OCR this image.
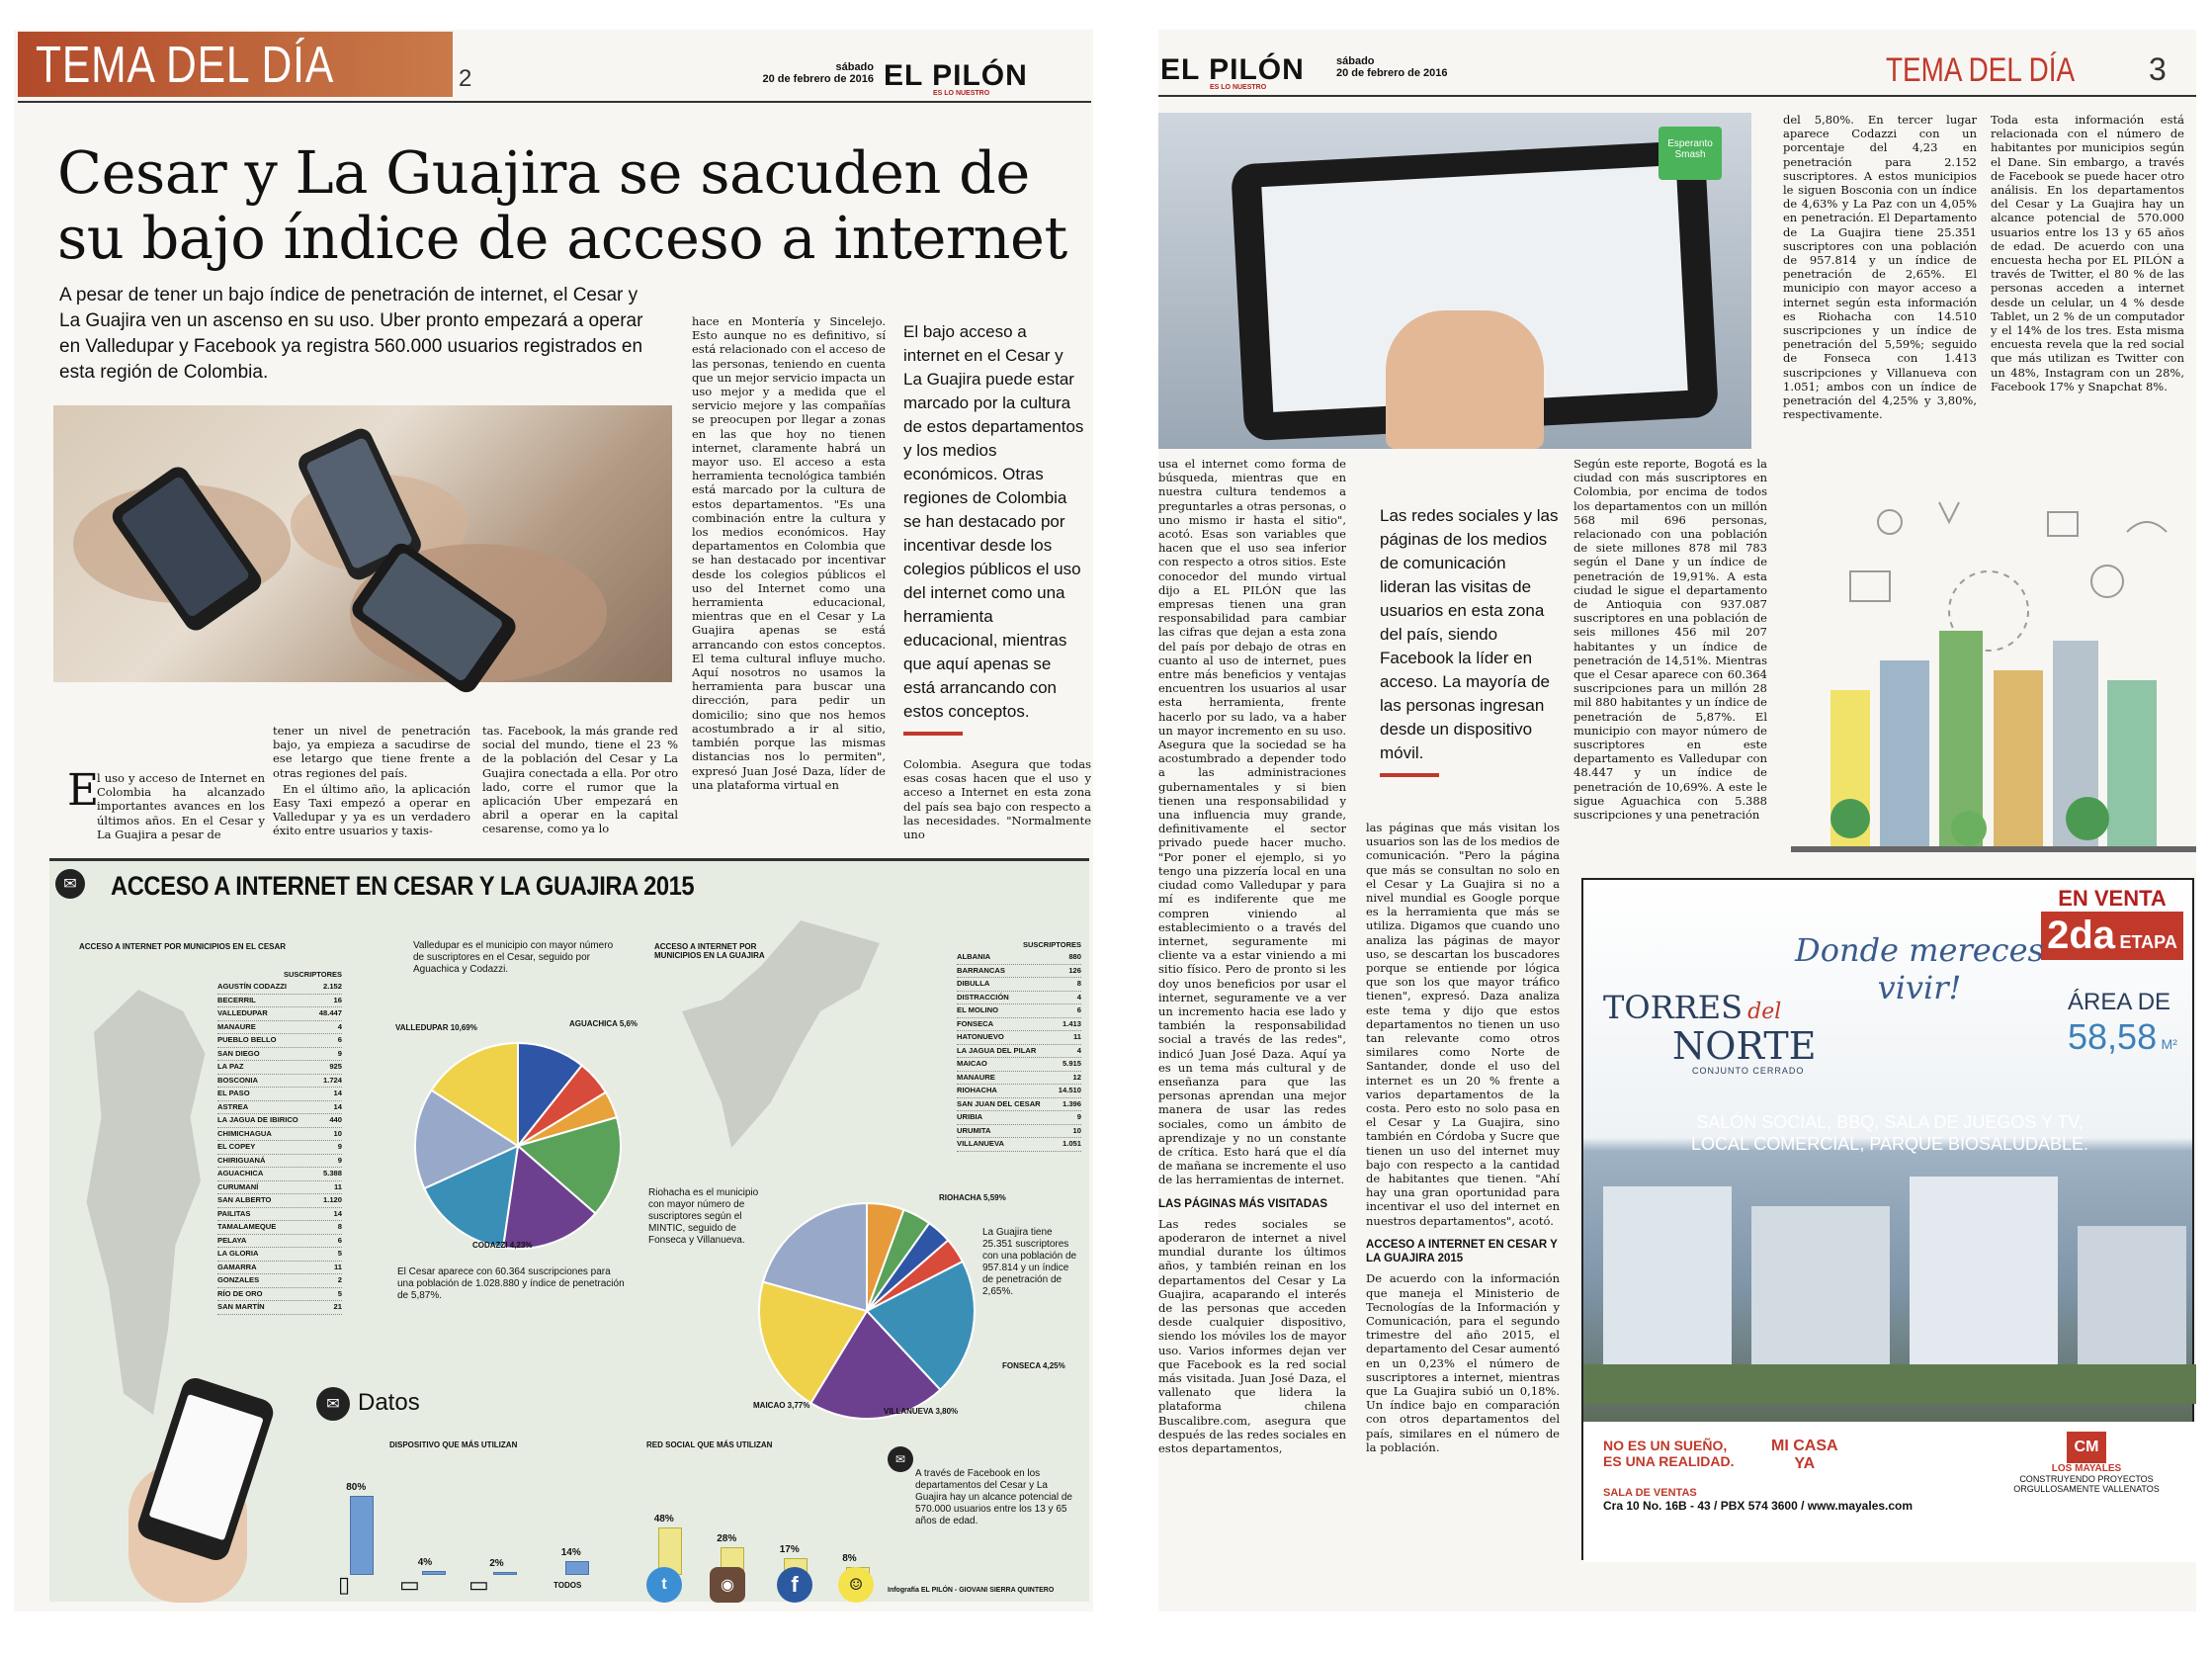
TEMA DEL DÍA	2	sábado
20 de febrero de 2016 EL PILÓN
ES LO NUESTRO
Cesar y La Guajira se sacuden de
su bajo índice de acceso a internet

A pesar de tener un bajo índice de penetración de internet, el Cesar y La Guajira ven un ascenso en su uso. Uber pronto empezará a operar en Valledupar y Facebook ya registra 560.000 usuarios registrados en esta región de Colombia.

E
l uso y acceso de Internet en Colombia ha alcanzado importantes avances en los últimos años. En el Cesar y La Guajira a pesar de

tener un nivel de penetración bajo, ya empieza a sacudirse de ese letargo que tiene frente a otras regiones del país.

En el último año, la aplicación Easy Taxi empezó a operar en Valledupar y ya es un verdadero éxito entre usuarios y taxis-

tas. Facebook, la más grande red social del mundo, tiene el 23 % de la población del Cesar y La Guajira conectada a ella. Por otro lado, corre el rumor que la aplicación Uber empezará en abril a operar en la capital cesarense, como ya lo
hace en Montería y Sincelejo. Esto aunque no es definitivo, sí está relacionado con el acceso de las personas, teniendo en cuenta que un mejor servicio impacta un uso mejor y a medida que el servicio mejore y las compañías se preocupen por llegar a zonas en las que hoy no tienen internet, claramente habrá un mayor uso. El acceso a esta herramienta tecnológica también está marcado por la cultura de estos departamentos. "Es una combinación entre la cultura y los medios económicos. Hay departamentos en Colombia que se han destacado por incentivar desde los colegios públicos el uso del Internet como una herramienta educacional, mientras que en el Cesar y La Guajira apenas se está arrancando con estos conceptos. El tema cultural influye mucho. Aquí nosotros no usamos la herramienta para buscar una dirección, para pedir un domicilio; sino que nos hemos acostumbrado a ir al sitio, también porque las mismas distancias nos lo permiten", expresó Juan José Daza, líder de una plataforma virtual en
El bajo acceso a internet en el Cesar y La Guajira puede estar marcado por la cultura de estos departamentos y los medios económicos. Otras regiones de Colombia se han destacado por incentivar desde los colegios públicos el uso del internet como una herramienta educacional, mientras que aquí apenas se está arrancando con estos conceptos.
Colombia. Asegura que todas esas cosas hacen que el uso y acceso a Internet en esta zona del país sea bajo con respecto a las necesidades. "Normalmente uno
✉	ACCESO A INTERNET EN CESAR Y LA GUAJIRA 2015
ACCESO A INTERNET POR MUNICIPIOS EN EL CESAR
SUSCRIPTORES
AGUSTÍN CODAZZI	2.152
BECERRIL	16
VALLEDUPAR	48.447
MANAURE	4
PUEBLO BELLO	6
SAN DIEGO	9
LA PAZ	925
BOSCONIA	1.724
EL PASO	14
ASTREA	14
LA JAGUA DE IBIRICO	440
CHIMICHAGUA	10
EL COPEY	9
CHIRIGUANÁ	9
AGUACHICA	5.388
CURUMANÍ	11
SAN ALBERTO	1.120
PAILITAS	14
TAMALAMEQUE	8
PELAYA	6
LA GLORIA	5
GAMARRA	11
GONZALES	2
RÍO DE ORO	5
SAN MARTÍN	21
Valledupar es el municipio con mayor número de suscriptores en el Cesar, seguido por Aguachica y Codazzi.
VALLEDUPAR 10,69%	AGUACHICA 5,6%
CODAZZI 4,23%
El Cesar aparece con 60.364 suscripciones para una población de 1.028.880 y índice de penetración de 5,87%.
ACCESO A INTERNET POR MUNICIPIOS EN LA GUAJIRA
SUSCRIPTORES
ALBANIA	880
BARRANCAS	126
DIBULLA	8
DISTRACCIÓN	4
EL MOLINO	6
FONSECA	1.413
HATONUEVO	11
LA JAGUA DEL PILAR	4
MAICAO	5.915
MANAURE	12
RIOHACHA	14.510
SAN JUAN DEL CESAR	1.396
URIBIA	9
URUMITA	10
VILLANUEVA	1.051
Riohacha es el municipio con mayor número de suscriptores según el MINTIC, seguido de Fonseca y Villanueva.
RIOHACHA 5,59%
La Guajira tiene 25.351 suscriptores con una población de 957.814 y un índice de penetración de 2,65%.
FONSECA 4,25%
MAICAO 3,77%
VILLANUEVA 3,80%
✉ Datos
DISPOSITIVO QUE MÁS UTILIZAN
80%
4%	2%
14%
▯ ▭ ▭	TODOS
RED SOCIAL QUE MÁS UTILIZAN
48%
28%
17%
8%
t	◉	f	☺
✉
A través de Facebook en los departamentos del Cesar y La Guajira hay un alcance potencial de 570.000 usuarios entre los 13 y 65 años de edad.
Infografía EL PILÓN - GIOVANI SIERRA QUINTERO
EL PILÓN
ES LO NUESTRO
sábado
20 de febrero de 2016	TEMA DEL DÍA 3
Esperanto Smash

usa el internet como forma de búsqueda, mientras que en nuestra cultura tendemos a preguntarles a otras personas, o uno mismo ir hasta el sitio", acotó. Esas son variables que hacen que el uso sea inferior con respecto a otros sitios. Este conocedor del mundo virtual dijo a EL PILÓN que las empresas tienen una gran responsabilidad para cambiar las cifras que dejan a esta zona del país por debajo de otras en cuanto al uso de internet, pues entre más beneficios y ventajas encuentren los usuarios al usar esta herramienta, frente hacerlo por su lado, va a haber un mayor incremento en su uso. Asegura que la sociedad se ha acostumbrado a depender todo a las administraciones gubernamentales y si bien tienen una responsabilidad y una influencia muy grande, definitivamente el sector privado puede hacer mucho. "Por poner el ejemplo, si yo tengo una pizzería local en una ciudad como Valledupar y para mí es indiferente que me compren viniendo al establecimiento o a través del internet, seguramente mi cliente va a estar viniendo a mi sitio físico. Pero de pronto si les doy unos beneficios por usar el internet, seguramente ve a ver un incremento hacia ese lado y también la responsabilidad social a través de las redes", indicó Juan José Daza. Aquí ya es un tema más cultural y de enseñanza para que las personas aprendan una mejor manera de usar las redes sociales, como un ámbito de aprendizaje y no un constante de crítica. Esto hará que el día de mañana se incremente el uso de las herramientas de internet.

LAS PÁGINAS MÁS VISITADAS

Las redes sociales se apoderaron de internet a nivel mundial durante los últimos años, y también reinan en los departamentos del Cesar y La Guajira, acaparando el interés de las personas que acceden desde cualquier dispositivo, siendo los móviles los de mayor uso. Varios informes dejan ver que Facebook es la red social más visitada. Juan José Daza, el vallenato que lidera la plataforma chilena Buscalibre.com, asegura que después de las redes sociales en estos departamentos,

Las redes sociales y las páginas de los medios de comunicación lideran las visitas de usuarios en esta zona del país, siendo Facebook la líder en acceso. La mayoría de las personas ingresan desde un dispositivo móvil.

las páginas que más visitan los usuarios son las de los medios de comunicación. "Pero la página que más se consultan no solo en el Cesar y La Guajira si no a nivel mundial es Google porque es la herramienta que más se utiliza. Digamos que cuando uno analiza las páginas de mayor uso, se descartan los buscadores porque se entiende por lógica que son los que mayor tráfico tienen", expresó. Daza analiza este tema y dijo que estos departamentos no tienen un uso tan relevante como otros similares como Norte de Santander, donde el uso del internet es un 20 % frente a varios departamentos de la costa. Pero esto no solo pasa en el Cesar y La Guajira, sino también en Córdoba y Sucre que tienen un uso del internet muy bajo con respecto a la cantidad de habitantes que tienen. "Ahí hay una gran oportunidad para incentivar el uso del internet en nuestros departamentos", acotó.

ACCESO A INTERNET EN CESAR Y LA GUAJIRA 2015

De acuerdo con la información que maneja el Ministerio de Tecnologías de la Información y Comunicación, para el segundo trimestre del año 2015, el departamento del Cesar aumentó en un 0,23% el número de suscriptores a internet, mientras que La Guajira subió un 0,18%. Un índice bajo en comparación con otros departamentos del país, similares en el número de la población.

Según este reporte, Bogotá es la ciudad con más suscriptores en Colombia, por encima de todos los departamentos con un millón 568 mil 696 personas, relacionado con una población de siete millones 878 mil 783 según el Dane y un índice de penetración de 19,91%. A esta ciudad le sigue el departamento de Antioquia con 937.087 suscriptores en una población de seis millones 456 mil 207 habitantes y un índice de penetración de 14,51%. Mientras que el Cesar aparece con 60.364 suscripciones para un millón 28 mil 880 habitantes y un índice de penetración de 5,87%. El municipio con mayor número de suscriptores en este departamento es Valledupar con 48.447 y un índice de penetración de 10,69%. A este le sigue Aguachica con 5.388 suscripciones y una penetración
del 5,80%. En tercer lugar aparece Codazzi con un porcentaje del 4,23 en penetración para 2.152 suscriptores. A estos municipios le siguen Bosconia con un índice de 4,63% y La Paz con un 4,05% en penetración. El Departamento de La Guajira tiene 25.351 suscriptores con una población de 957.814 y un índice de penetración de 2,65%. El municipio con mayor acceso a internet según esta información es Riohacha con 14.510 suscripciones y un índice de penetración del 5,59%; seguido de Fonseca con 1.413 suscripciones y Villanueva con 1.051; ambos con un índice de penetración del 4,25% y 3,80%, respectivamente.
Toda esta información está relacionada con el número de habitantes por municipios según el Dane. Sin embargo, a través de Facebook se puede hacer otro análisis. En los departamentos del Cesar y La Guajira hay un alcance potencial de 570.000 usuarios entre los 13 y 65 años de edad. De acuerdo con una encuesta hecha por EL PILÓN a través de Twitter, el 80 % de las personas acceden a internet desde un celular, un 4 % desde Tablet, un 2 % de un computador y el 14% de los tres. Esta misma encuesta revela que la red social que más utilizan es Twitter con un 48%, Instagram con un 28%, Facebook 17% y Snapchat 8%.
EN VENTA
2da ETAPA
Donde mereces
vivir!
TORRES del
NORTE
CONJUNTO CERRADO
ÁREA DE
58,58 M²
SALÓN SOCIAL, BBQ, SALA DE JUEGOS Y TV,
LOCAL COMERCIAL, PARQUE BIOSALUDABLE.
NO ES UN SUEÑO,
ES UNA REALIDAD.
MI CASA
YA
CM
LOS MAYALES
CONSTRUYENDO PROYECTOS ORGULLOSAMENTE VALLENATOS
SALA DE VENTAS
Cra 10 No. 16B - 43 / PBX 574 3600 / www.mayales.com
